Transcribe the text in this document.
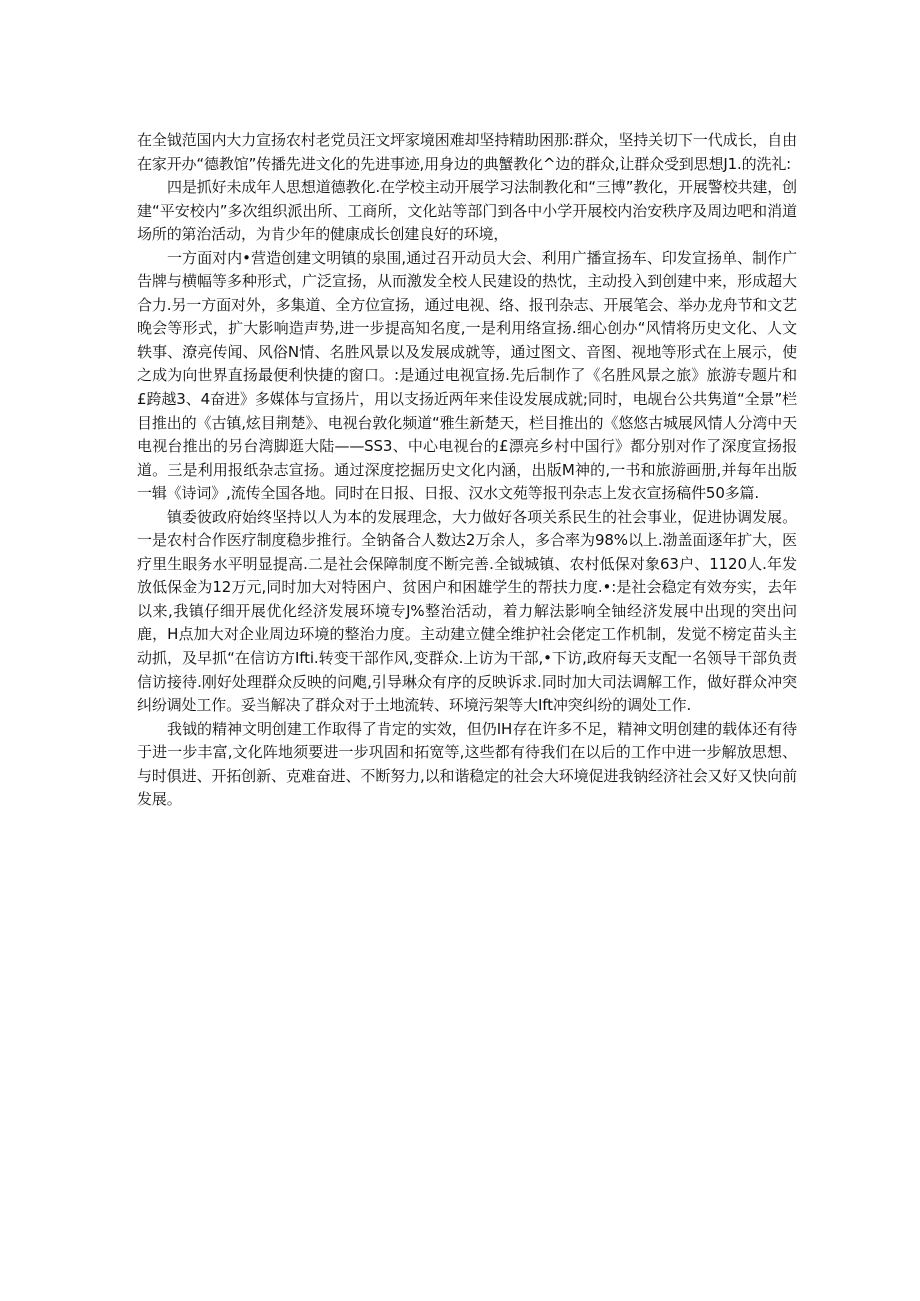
在全钺范国内大力宣扬农村老党员汪文坪家境困难却坚持精助困那:群众，坚持关切下一代成长，自由在家开办“德教馆”传播先进文化的先进事迹,用身边的典蟹教化^边的群众,让群众受到思想J1.的洗礼:

四是抓好未成年人思想道德教化.在学校主动开展学习法制教化和“三博”教化，开展警校共建，创建“平安校内”多次组织派出所、工商所，文化站等部门到各中小学开展校内治安秩序及周边吧和消道场所的第治活动，为肯少年的健康成长创建良好的环境，

一方面对内•营造创建文明镇的泉围,通过召开动员大会、利用广播宣扬车、印发宣扬单、制作广告牌与横幅等多种形式，广泛宣扬，从而激发全校人民建设的热忱，主动投入到创建中来，形成超大合力.另一方面对外，多集道、全方位宣扬，通过电视、络、报刊杂志、开展笔会、举办龙舟节和文艺晚会等形式，扩大影响造声势,进一步提高知名度,一是利用络宣扬.细心创办“风情将历史文化、人文轶事、潦亮传闻、风俗N情、名胜风景以及发展成就等，通过图文、音图、视地等形式在上展示，使之成为向世界直扬最便利快捷的窗口。:是通过电视宣扬.先后制作了《名胜风景之旅》旅游专题片和£跨越3、4奋进》多媒体与宣扬片，用以支扬近两年来佳设发展成就;同时，电觇台公共隽道“全景”栏目推出的《古镇,炫目荆楚》、电视台敦化频道“雅生新楚天，栏目推出的《悠悠古城展风情人分湾中天电视台推出的另台湾脚逛大陆——SS3、中心电视台的£漂亮乡村中国行》都分别对作了深度宣扬报道。三是利用报纸杂志宣扬。通过深度挖掘历史文化内涵，出版M神的,一书和旅游画册,并每年出版一辑《诗词》,流传全国各地。同时在日报、日报、汉水文苑等报刊杂志上发衣宣扬稿件50多篇.

镇委彼政府始终坚持以人为本的发展理念，大力做好各项关系民生的社会事业，促进协调发展。一是农村合作医疗制度稳步推行。全钠备合人数达2万余人，多合率为98%以上.渤盖面逐年扩大，医疗里生眼务水平明显提高.二是社会保障制度不断完善.全钺城镇、农村低保对象63户、1120人.年发放低保金为12万元,同时加大对特困户、贫困户和困雄学生的帮扶力度.•:是社会稳定有效夯实，去年以来,我镇仔细开展优化经济发展环境专J%整治活动，着力解法影响全铀经济发展中出现的突出问鹿，H点加大对企业周边环境的整治力度。主动建立健全维护社会佬定工作机制，发觉不榜定苗头主动抓，及早抓“在信访方Ifti.转变干部作风,变群众.上访为干部,•下访,政府每天支配一名领导干部负责信访接待.刚好处理群众反映的问飑,引导琳众有序的反映诉求.同时加大司法调解工作，做好群众冲突纠纷调处工作。妥当解决了群众对于土地流转、环境污架等大Ift冲突纠纷的调处工作.

我钺的精神文明创建工作取得了肯定的实效，但仍IH存在许多不足，精神文明创建的载体还有待于进一步丰富,文化阵地须要进一步巩固和拓宽等,这些都有待我们在以后的工作中进一步解放思想、与时俱进、开拓创新、克难奋进、不断努力,以和谐稳定的社会大环境促进我钠经济社会又好又快向前发展。
